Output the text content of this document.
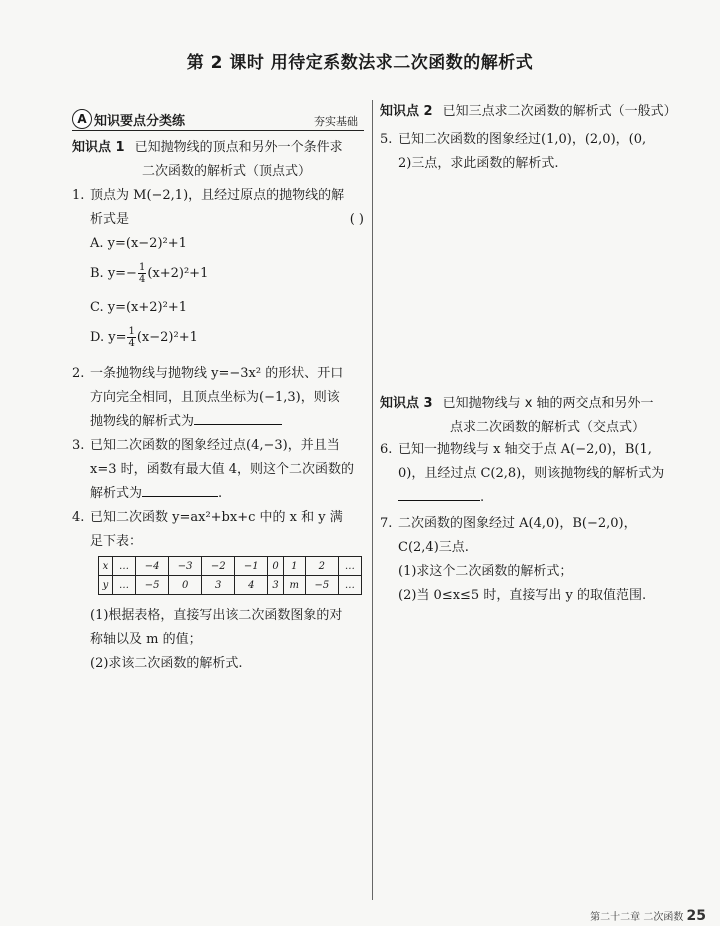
第 2 课时 用待定系数法求二次函数的解析式
A 知识要点分类练	夯实基础
知识点 1 已知抛物线的顶点和另外一个条件求
二次函数的解析式（顶点式）
1. 顶点为 M(−2,1)，且经过原点的抛物线的解
析式是	( )
A. y=(x−2)²+1
B. $y=- \frac{1}{4} (x+2)^2+1$
C. y=(x+2)²+1
D. $y= \frac{1}{4} (x-2)^2+1$
2. 一条抛物线与抛物线 y=−3x² 的形状、开口
方向完全相同，且顶点坐标为(−1,3)，则该
抛物线的解析式为
3. 已知二次函数的图象经过点(4,−3)，并且当
x=3 时，函数有最大值 4，则这个二次函数的
解析式为	.
4. 已知二次函数 y=ax²+bx+c 中的 x 和 y 满
足下表：
x	…	−4	−3	−2	−1	0	1	2	…
y	…	−5	0	3	4	3	m	−5	…
(1)根据表格，直接写出该二次函数图象的对
称轴以及 m 的值；
(2)求该二次函数的解析式.
知识点 2 已知三点求二次函数的解析式（一般式）
5. 已知二次函数的图象经过(1,0)，(2,0)，(0,
2)三点，求此函数的解析式.
知识点 3 已知抛物线与 x 轴的两交点和另外一
点求二次函数的解析式（交点式）
6. 已知一抛物线与 x 轴交于点 A(−2,0)，B(1,
0)，且经过点 C(2,8)，则该抛物线的解析式为
.
7. 二次函数的图象经过 A(4,0)，B(−2,0)，
C(2,4)三点.
(1)求这个二次函数的解析式；
(2)当 0≤x≤5 时，直接写出 y 的取值范围.
第二十二章 二次函数 25
